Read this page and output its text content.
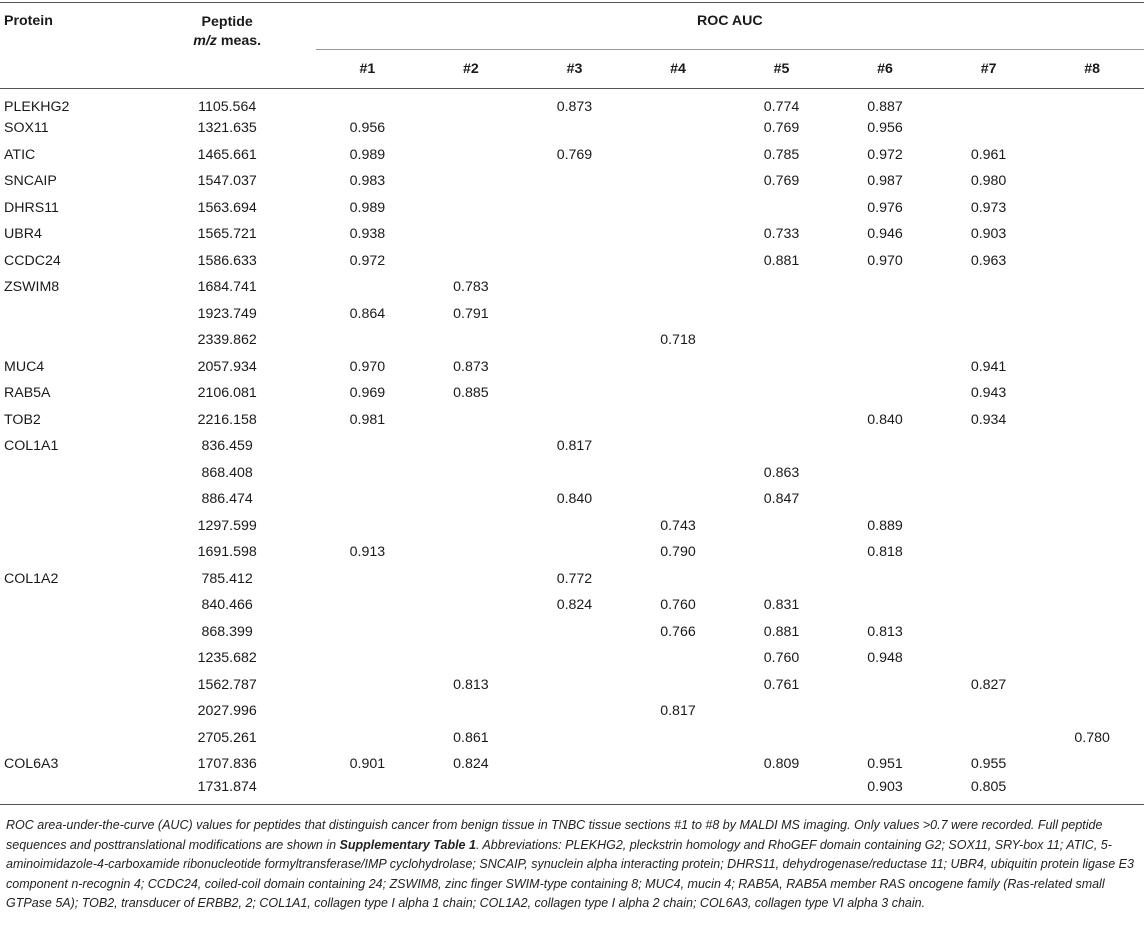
Protein	Peptide
m/z meas.	ROC AUC							
		#1	#2	#3	#4	#5	#6	#7	#8
PLEKHG2	1105.564			0.873		0.774	0.887		
SOX11	1321.635	0.956				0.769	0.956		
ATIC	1465.661	0.989		0.769		0.785	0.972	0.961	
SNCAIP	1547.037	0.983				0.769	0.987	0.980	
DHRS11	1563.694	0.989					0.976	0.973	
UBR4	1565.721	0.938				0.733	0.946	0.903	
CCDC24	1586.633	0.972				0.881	0.970	0.963	
ZSWIM8	1684.741		0.783						
	1923.749	0.864	0.791						
	2339.862				0.718				
MUC4	2057.934	0.970	0.873					0.941	
RAB5A	2106.081	0.969	0.885					0.943	
TOB2	2216.158	0.981					0.840	0.934	
COL1A1	836.459			0.817					
	868.408					0.863			
	886.474			0.840		0.847			
	1297.599				0.743		0.889		
	1691.598	0.913			0.790		0.818		
COL1A2	785.412			0.772					
	840.466			0.824	0.760	0.831			
	868.399				0.766	0.881	0.813		
	1235.682					0.760	0.948		
	1562.787		0.813			0.761		0.827	
	2027.996				0.817				
	2705.261		0.861						0.780
COL6A3	1707.836	0.901	0.824			0.809	0.951	0.955	
	1731.874						0.903	0.805	
ROC area-under-the-curve (AUC) values for peptides that distinguish cancer from benign tissue in TNBC tissue sections #1 to #8 by MALDI MS imaging. Only values >0.7 were recorded. Full peptide sequences and posttranslational modifications are shown in Supplementary Table 1. Abbreviations: PLEKHG2, pleckstrin homology and RhoGEF domain containing G2; SOX11, SRY-box 11; ATIC, 5-aminoimidazole-4-carboxamide ribonucleotide formyltransferase/IMP cyclohydrolase; SNCAIP, synuclein alpha interacting protein; DHRS11, dehydrogenase/reductase 11; UBR4, ubiquitin protein ligase E3 component n-recognin 4; CCDC24, coiled-coil domain containing 24; ZSWIM8, zinc finger SWIM-type containing 8; MUC4, mucin 4; RAB5A, RAB5A member RAS oncogene family (Ras-related small GTPase 5A); TOB2, transducer of ERBB2, 2; COL1A1, collagen type I alpha 1 chain; COL1A2, collagen type I alpha 2 chain; COL6A3, collagen type VI alpha 3 chain.
